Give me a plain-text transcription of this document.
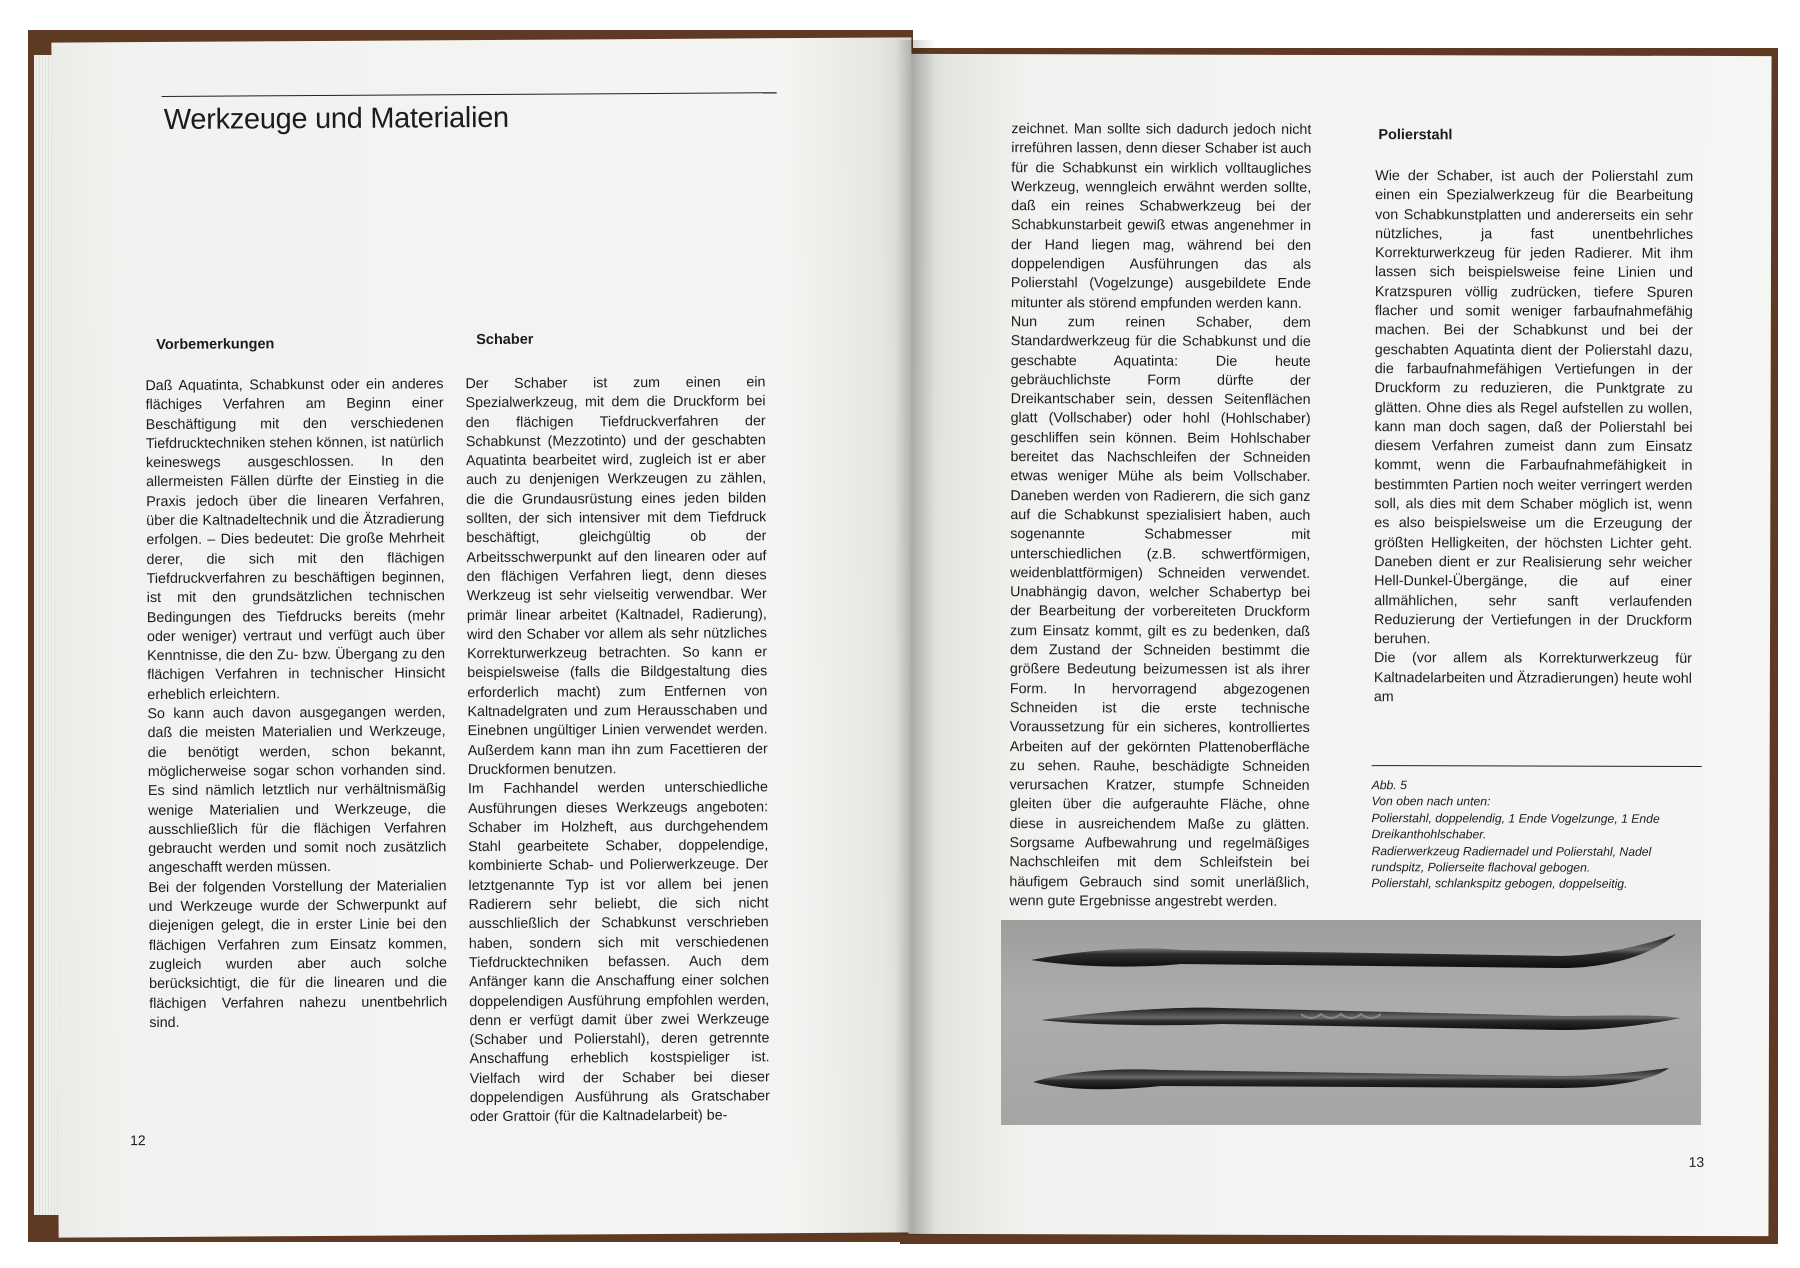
Werkzeuge und Materialien
Vorbemerkungen

Daß Aquatinta, Schabkunst oder ein anderes flächiges Verfahren am Beginn einer Beschäftigung mit den verschiedenen Tiefdrucktechniken stehen können, ist natürlich keineswegs ausgeschlossen. In den allermeisten Fällen dürfte der Einstieg in die Praxis jedoch über die linearen Verfahren, über die Kaltnadeltechnik und die Ätzradierung erfolgen. – Dies bedeutet: Die große Mehrheit derer, die sich mit den flächigen Tiefdruckverfahren zu beschäftigen beginnen, ist mit den grundsätzlichen technischen Bedingungen des Tiefdrucks bereits (mehr oder weniger) vertraut und verfügt auch über Kenntnisse, die den Zu- bzw. Übergang zu den flächigen Verfahren in technischer Hinsicht erheblich erleichtern.

So kann auch davon ausgegangen werden, daß die meisten Materialien und Werkzeuge, die benötigt werden, schon bekannt, möglicherweise sogar schon vorhanden sind. Es sind nämlich letztlich nur verhältnismäßig wenige Materialien und Werkzeuge, die ausschließlich für die flächigen Verfahren gebraucht werden und somit noch zusätzlich angeschafft werden müssen.

Bei der folgenden Vorstellung der Materialien und Werkzeuge wurde der Schwerpunkt auf diejenigen gelegt, die in erster Linie bei den flächigen Verfahren zum Einsatz kommen, zugleich wurden aber auch solche berücksichtigt, die für die linearen und die flächigen Verfahren nahezu unentbehrlich sind.

Schaber

Der Schaber ist zum einen ein Spezialwerkzeug, mit dem die Druckform bei den flächigen Tiefdruckverfahren der Schabkunst (Mezzotinto) und der geschabten Aquatinta bearbeitet wird, zugleich ist er aber auch zu denjenigen Werkzeugen zu zählen, die die Grundausrüstung eines jeden bilden sollten, der sich intensiver mit dem Tiefdruck beschäftigt, gleichgültig ob der Arbeitsschwerpunkt auf den linearen oder auf den flächigen Verfahren liegt, denn dieses Werkzeug ist sehr vielseitig verwendbar. Wer primär linear arbeitet (Kaltnadel, Radierung), wird den Schaber vor allem als sehr nützliches Korrekturwerkzeug betrachten. So kann er beispielsweise (falls die Bildgestaltung dies erforderlich macht) zum Entfernen von Kaltnadelgraten und zum Herausschaben und Einebnen ungültiger Linien verwendet werden. Außerdem kann man ihn zum Facettieren der Druckformen benutzen.

Im Fachhandel werden unterschiedliche Ausführungen dieses Werkzeugs angeboten: Schaber im Holzheft, aus durchgehendem Stahl gearbeitete Schaber, doppelendige, kombinierte Schab- und Polierwerkzeuge. Der letztgenannte Typ ist vor allem bei jenen Radierern sehr beliebt, die sich nicht ausschließlich der Schabkunst verschrieben haben, sondern sich mit verschiedenen Tiefdrucktechniken befassen. Auch dem Anfänger kann die Anschaffung einer solchen doppelendigen Ausführung empfohlen werden, denn er verfügt damit über zwei Werkzeuge (Schaber und Polierstahl), deren getrennte Anschaffung erheblich kostspieliger ist. Vielfach wird der Schaber bei dieser doppelendigen Ausführung als Gratschaber oder Grattoir (für die Kaltnadelarbeit) be-

12

zeichnet. Man sollte sich dadurch jedoch nicht irreführen lassen, denn dieser Schaber ist auch für die Schabkunst ein wirklich volltaugliches Werkzeug, wenngleich erwähnt werden sollte, daß ein reines Schabwerkzeug bei der Schabkunstarbeit gewiß etwas angenehmer in der Hand liegen mag, während bei den doppelendigen Ausführungen das als Polierstahl (Vogelzunge) ausgebildete Ende mitunter als störend empfunden werden kann.

Nun zum reinen Schaber, dem Standardwerkzeug für die Schabkunst und die geschabte Aquatinta: Die heute gebräuchlichste Form dürfte der Dreikantschaber sein, dessen Seitenflächen glatt (Vollschaber) oder hohl (Hohlschaber) geschliffen sein können. Beim Hohlschaber bereitet das Nachschleifen der Schneiden etwas weniger Mühe als beim Vollschaber. Daneben werden von Radierern, die sich ganz auf die Schabkunst spezialisiert haben, auch sogenannte Schabmesser mit unterschiedlichen (z.B. schwertförmigen, weidenblattförmigen) Schneiden verwendet. Unabhängig davon, welcher Schabertyp bei der Bearbeitung der vorbereiteten Druckform zum Einsatz kommt, gilt es zu bedenken, daß dem Zustand der Schneiden bestimmt die größere Bedeutung beizumessen ist als ihrer Form. In hervorragend abgezogenen Schneiden ist die erste technische Voraussetzung für ein sicheres, kontrolliertes Arbeiten auf der gekörnten Plattenoberfläche zu sehen. Rauhe, beschädigte Schneiden verursachen Kratzer, stumpfe Schneiden gleiten über die aufgerauhte Fläche, ohne diese in ausreichendem Maße zu glätten. Sorgsame Aufbewahrung und regelmäßiges Nachschleifen mit dem Schleifstein bei häufigem Gebrauch sind somit unerläßlich, wenn gute Ergebnisse angestrebt werden.

Polierstahl

Wie der Schaber, ist auch der Polierstahl zum einen ein Spezialwerkzeug für die Bearbeitung von Schabkunstplatten und andererseits ein sehr nützliches, ja fast unentbehrliches Korrekturwerkzeug für jeden Radierer. Mit ihm lassen sich beispielsweise feine Linien und Kratzspuren völlig zudrücken, tiefere Spuren flacher und somit weniger farbaufnahmefähig machen. Bei der Schabkunst und bei der geschabten Aquatinta dient der Polierstahl dazu, die farbaufnahmefähigen Vertiefungen in der Druckform zu reduzieren, die Punktgrate zu glätten. Ohne dies als Regel aufstellen zu wollen, kann man doch sagen, daß der Polierstahl bei diesem Verfahren zumeist dann zum Einsatz kommt, wenn die Farbaufnahmefähigkeit in bestimmten Partien noch weiter verringert werden soll, als dies mit dem Schaber möglich ist, wenn es also beispielsweise um die Erzeugung der größten Helligkeiten, der höchsten Lichter geht. Daneben dient er zur Realisierung sehr weicher Hell-Dunkel-Übergänge, die auf einer allmählichen, sehr sanft verlaufenden Reduzierung der Vertiefungen in der Druckform beruhen.

Die (vor allem als Korrekturwerkzeug für Kaltnadelarbeiten und Ätzradierungen) heute wohl am

Abb. 5

Von oben nach unten:

Polierstahl, doppelendig, 1 Ende Vogelzunge, 1 Ende Dreikanthohlschaber.

Radierwerkzeug Radiernadel und Polierstahl, Nadel rundspitz, Polierseite flachoval gebogen.

Polierstahl, schlankspitz gebogen, doppelseitig.

13
